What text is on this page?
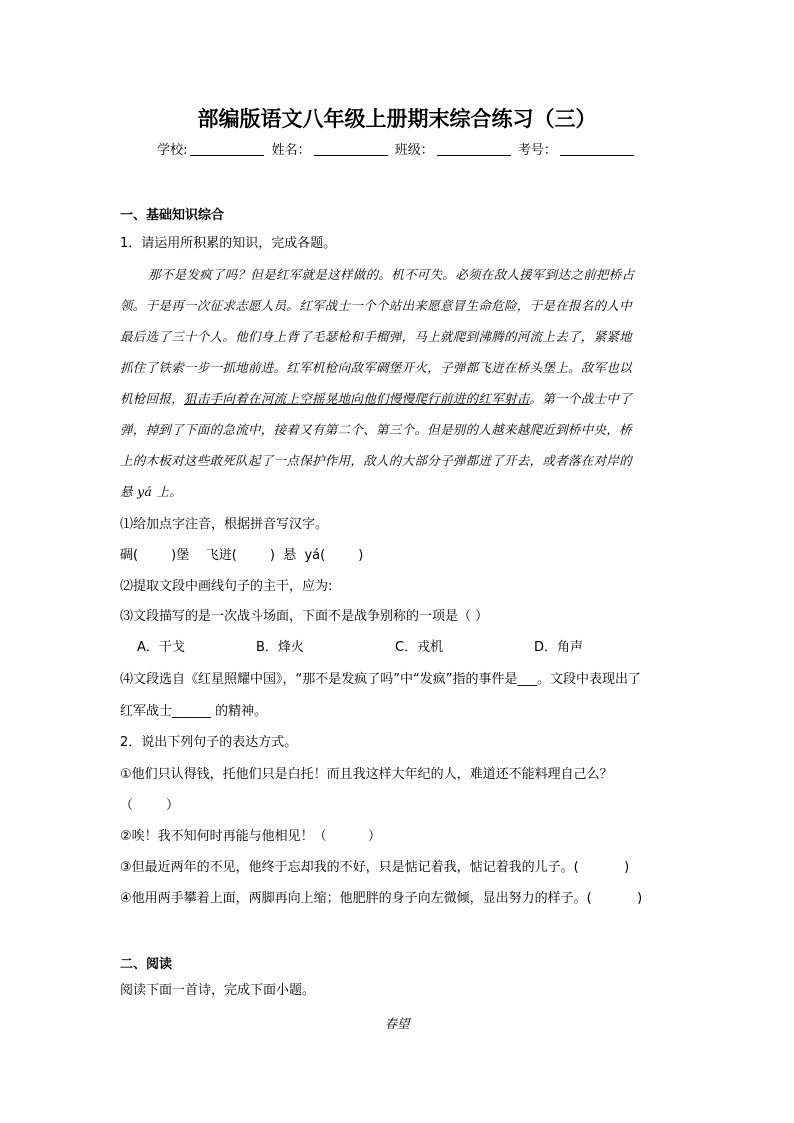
部编版语文八年级上册期末综合练习（三）
学校:	姓名：	班级：	考号：
一、基础知识综合
1．请运用所积累的知识，完成各题。
那不是发疯了吗？但是红军就是这样做的。机不可失。必须在敌人援军到达之前把桥占
领。于是再一次征求志愿人员。红军战士一个个站出来愿意冒生命危险，于是在报名的人中
最后选了三十个人。他们身上背了毛瑟枪和手榴弹，马上就爬到沸腾的河流上去了，紧紧地
抓住了铁索一步一抓地前进。红军机枪向敌军碉堡开火，子弹都飞迸在桥头堡上。敌军也以
机枪回报，狙击手向着在河流上空摇晃地向他们慢慢爬行前进的红军射击。第一个战士中了
弹，掉到了下面的急流中，接着又有第二个、第三个。但是别的人越来越爬近到桥中央，桥
上的木板对这些敢死队起了一点保护作用，敌人的大部分子弹都迸了开去，或者落在对岸的
悬 yá 上。
⑴给加点字注音，根据拼音写汉字。
碉(        )堡    飞迸(        )  悬  yá(        )
⑵提取文段中画线句子的主干，应为:
⑶文段描写的是一次战斗场面，下面不是战争别称的一项是（ ）
A．干戈	B．烽火	C．戎机	D．角声
⑷文段选自《红星照耀中国》，“那不是发疯了吗”中“发疯”指的事件是___。文段中表现出了
红军战士______ 的精神。
2．说出下列句子的表达方式。
①他们只认得钱，托他们只是白托！而且我这样大年纪的人，难道还不能料理自己么？
（        ）
②唉！我不知何时再能与他相见！（          ）
③但最近两年的不见，他终于忘却我的不好，只是惦记着我，惦记着我的儿子。(           )
④他用两手攀着上面，两脚再向上缩；他肥胖的身子向左微倾，显出努力的样子。(           )
二、阅读
阅读下面一首诗，完成下面小题。
春望
